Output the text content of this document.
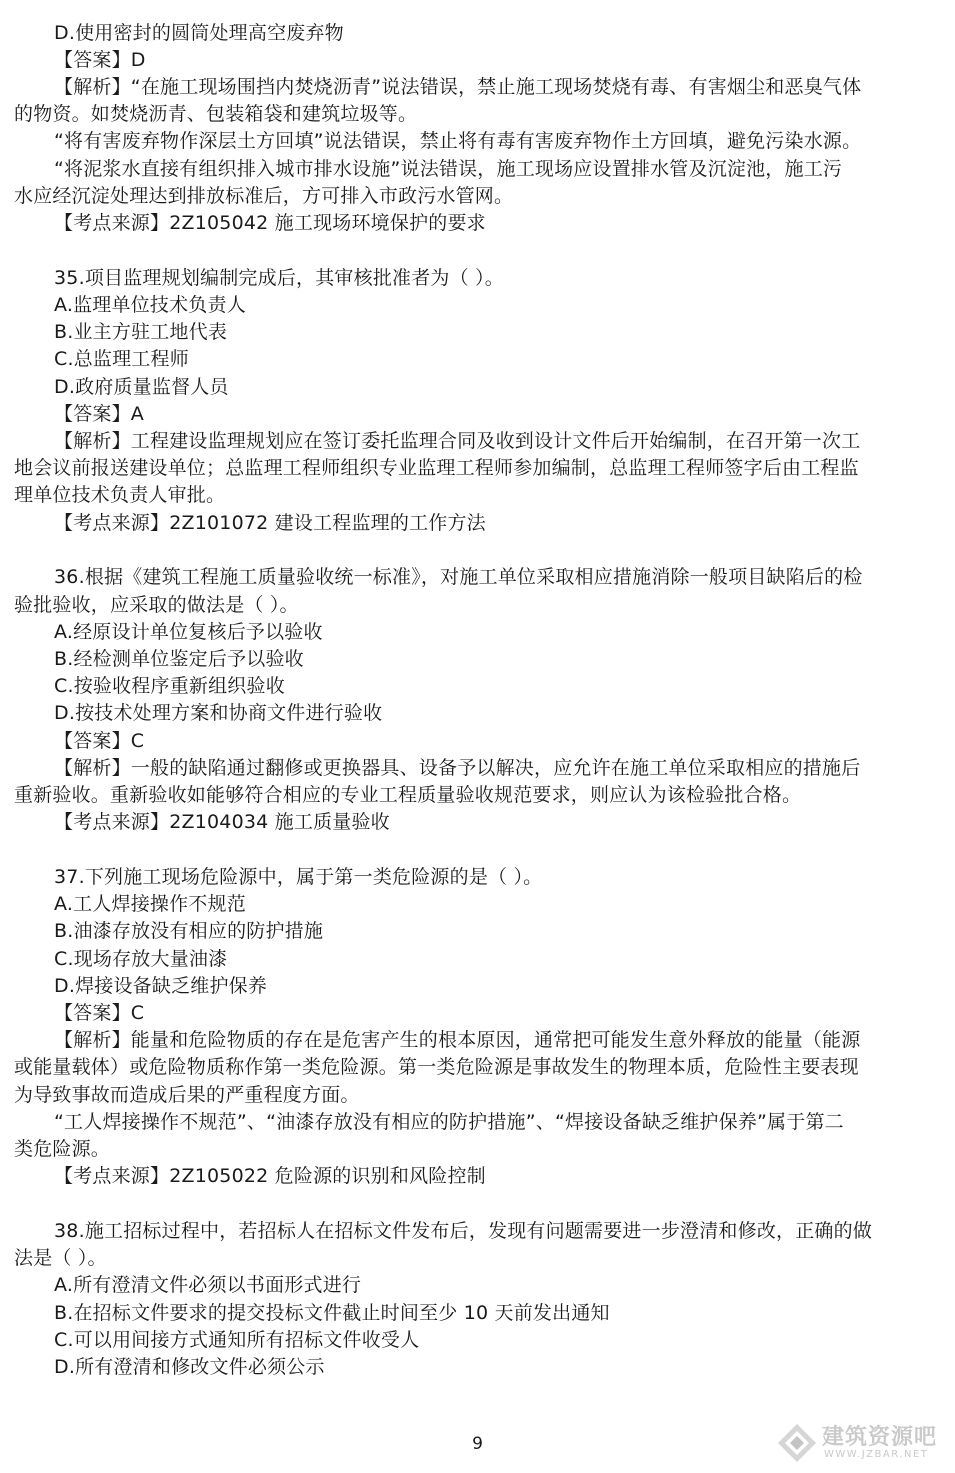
D.使用密封的圆筒处理高空废弃物
【答案】D
【解析】“在施工现场围挡内焚烧沥青”说法错误，禁止施工现场焚烧有毒、有害烟尘和恶臭气体
的物资。如焚烧沥青、包装箱袋和建筑垃圾等。
“将有害废弃物作深层土方回填”说法错误，禁止将有毒有害废弃物作土方回填，避免污染水源。
“将泥浆水直接有组织排入城市排水设施”说法错误，施工现场应设置排水管及沉淀池，施工污
水应经沉淀处理达到排放标准后，方可排入市政污水管网。
【考点来源】2Z105042 施工现场环境保护的要求
35.项目监理规划编制完成后，其审核批准者为（ ）。
A.监理单位技术负责人
B.业主方驻工地代表
C.总监理工程师
D.政府质量监督人员
【答案】A
【解析】工程建设监理规划应在签订委托监理合同及收到设计文件后开始编制，在召开第一次工
地会议前报送建设单位；总监理工程师组织专业监理工程师参加编制，总监理工程师签字后由工程监
理单位技术负责人审批。
【考点来源】2Z101072 建设工程监理的工作方法
36.根据《建筑工程施工质量验收统一标准》，对施工单位采取相应措施消除一般项目缺陷后的检
验批验收，应采取的做法是（ ）。
A.经原设计单位复核后予以验收
B.经检测单位鉴定后予以验收
C.按验收程序重新组织验收
D.按技术处理方案和协商文件进行验收
【答案】C
【解析】一般的缺陷通过翻修或更换器具、设备予以解决，应允许在施工单位采取相应的措施后
重新验收。重新验收如能够符合相应的专业工程质量验收规范要求，则应认为该检验批合格。
【考点来源】2Z104034 施工质量验收
37.下列施工现场危险源中，属于第一类危险源的是（ ）。
A.工人焊接操作不规范
B.油漆存放没有相应的防护措施
C.现场存放大量油漆
D.焊接设备缺乏维护保养
【答案】C
【解析】能量和危险物质的存在是危害产生的根本原因，通常把可能发生意外释放的能量（能源
或能量载体）或危险物质称作第一类危险源。第一类危险源是事故发生的物理本质，危险性主要表现
为导致事故而造成后果的严重程度方面。
“工人焊接操作不规范”、“油漆存放没有相应的防护措施”、“焊接设备缺乏维护保养”属于第二
类危险源。
【考点来源】2Z105022 危险源的识别和风险控制
38.施工招标过程中，若招标人在招标文件发布后，发现有问题需要进一步澄清和修改，正确的做
法是（ ）。
A.所有澄清文件必须以书面形式进行
B.在招标文件要求的提交投标文件截止时间至少 10 天前发出通知
C.可以用间接方式通知所有招标文件收受人
D.所有澄清和修改文件必须公示
9	建筑资源吧
WWW.JZBAR.NET
